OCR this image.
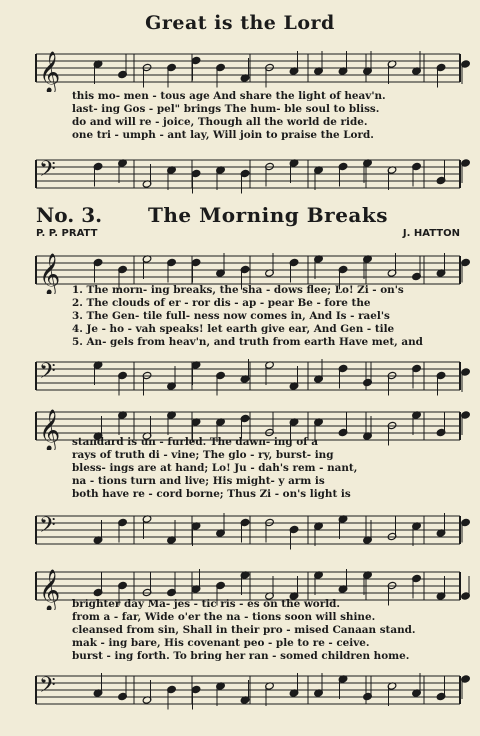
Great is the Lord
𝄞
this mo- men - tous age And share the light of heav'n.
last- ing Gos - pel" brings The hum- ble soul to bliss.
do and will re - joice, Though all the world de ride.
one tri - umph - ant lay, Will join to praise the Lord.
𝄢
No. 3. The Morning Breaks
P. P. PRATT	J. HATTON
𝄞 1. The morn- ing breaks, the sha - dows flee; Lo! Zi - on's
2. The clouds of er - ror dis - ap - pear Be - fore the
3. The Gen- tile full- ness now comes in, And Is - rael's
4. Je - ho - vah speaks! let earth give ear, And Gen - tile
5. An- gels from heav'n, and truth from earth Have met, and
𝄢
𝄞 standard is un - furled. The dawn- ing of a
rays of truth di - vine; The glo - ry, burst- ing
bless- ings are at hand; Lo! Ju - dah's rem - nant,
na - tions turn and live; His might- y arm is
both have re - cord borne; Thus Zi - on's light is
𝄢
𝄞 brighter day Ma- jes - tic ris - es on the world.
from a - far, Wide o'er the na - tions soon will shine.
cleansed from sin, Shall in their pro - mised Canaan stand.
mak - ing bare, His covenant peo - ple to re - ceive.
burst - ing forth. To bring her ran - somed children home.
𝄢
